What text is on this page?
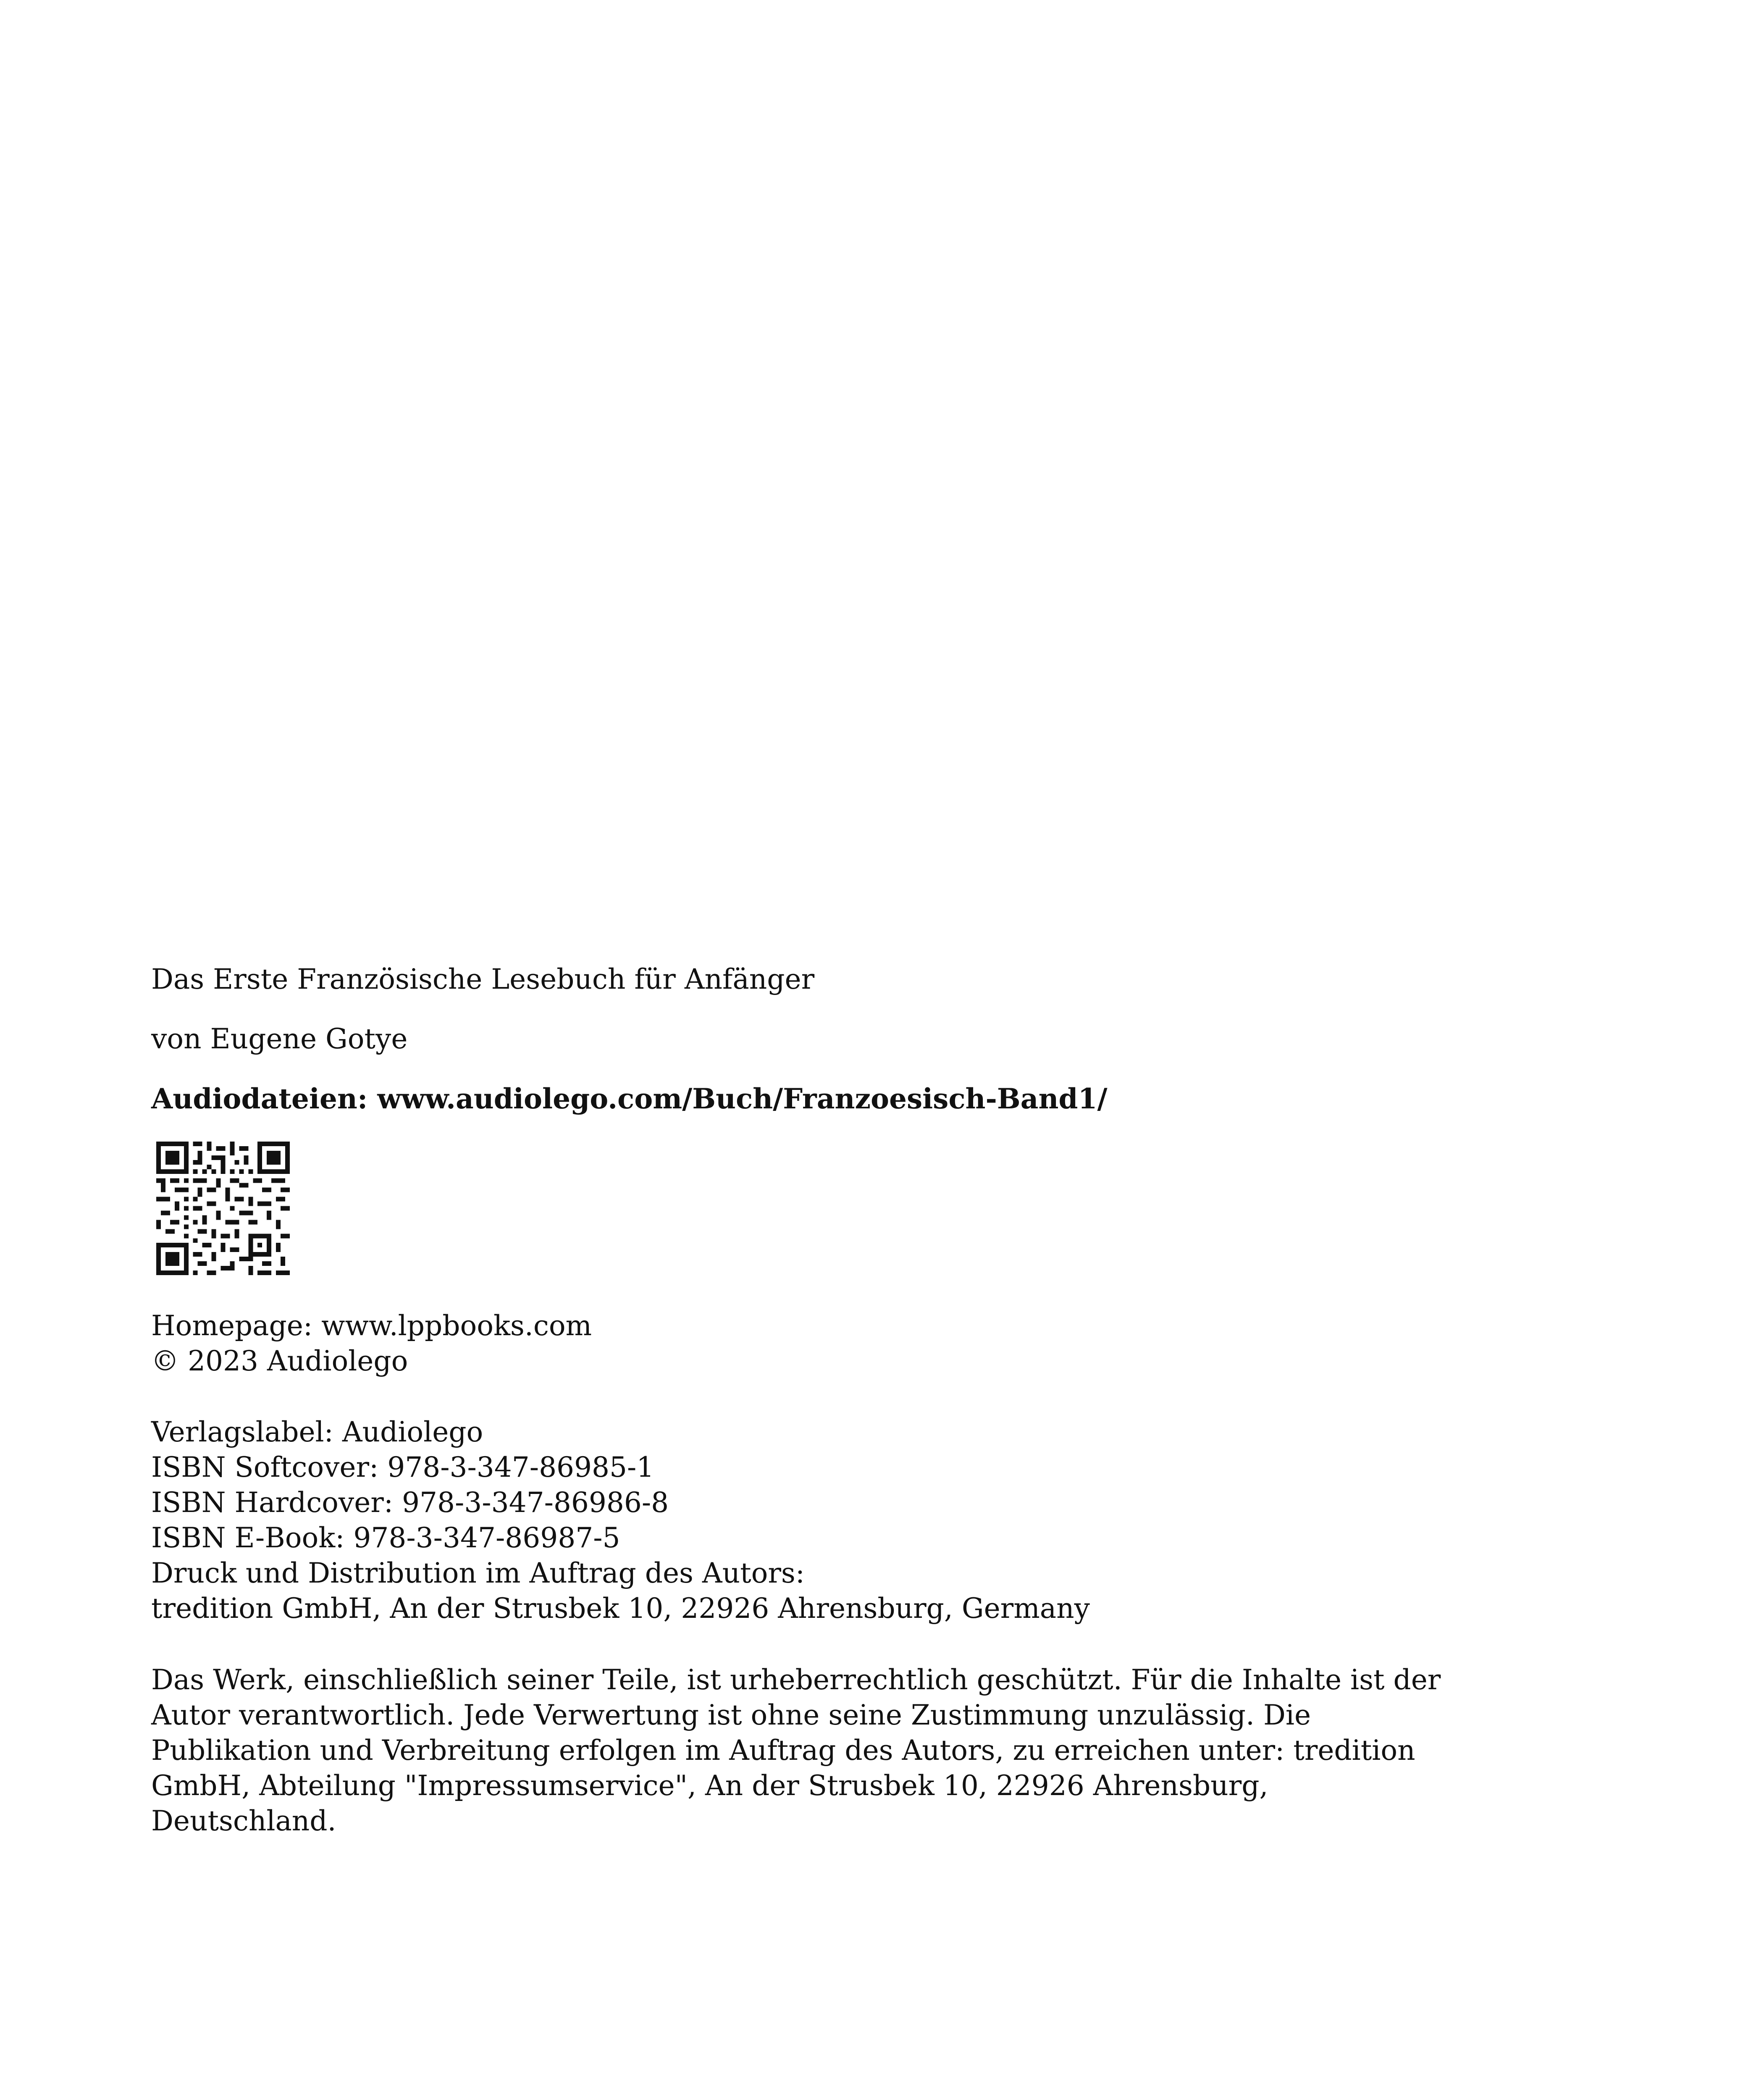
Das Erste Französische Lesebuch für Anfänger

von Eugene Gotye

Audiodateien: www.audiolego.com/Buch/Franzoesisch-Band1/

Homepage: www.lppbooks.com
© 2023 Audiolego
Verlagslabel: Audiolego
ISBN Softcover: 978-3-347-86985-1
ISBN Hardcover: 978-3-347-86986-8
ISBN E-Book: 978-3-347-86987-5
Druck und Distribution im Auftrag des Autors:
tredition GmbH, An der Strusbek 10, 22926 Ahrensburg, Germany
Das Werk, einschließlich seiner Teile, ist urheberrechtlich geschützt. Für die Inhalte ist der
Autor verantwortlich. Jede Verwertung ist ohne seine Zustimmung unzulässig. Die
Publikation und Verbreitung erfolgen im Auftrag des Autors, zu erreichen unter: tredition
GmbH, Abteilung "Impressumservice", An der Strusbek 10, 22926 Ahrensburg,
Deutschland.
